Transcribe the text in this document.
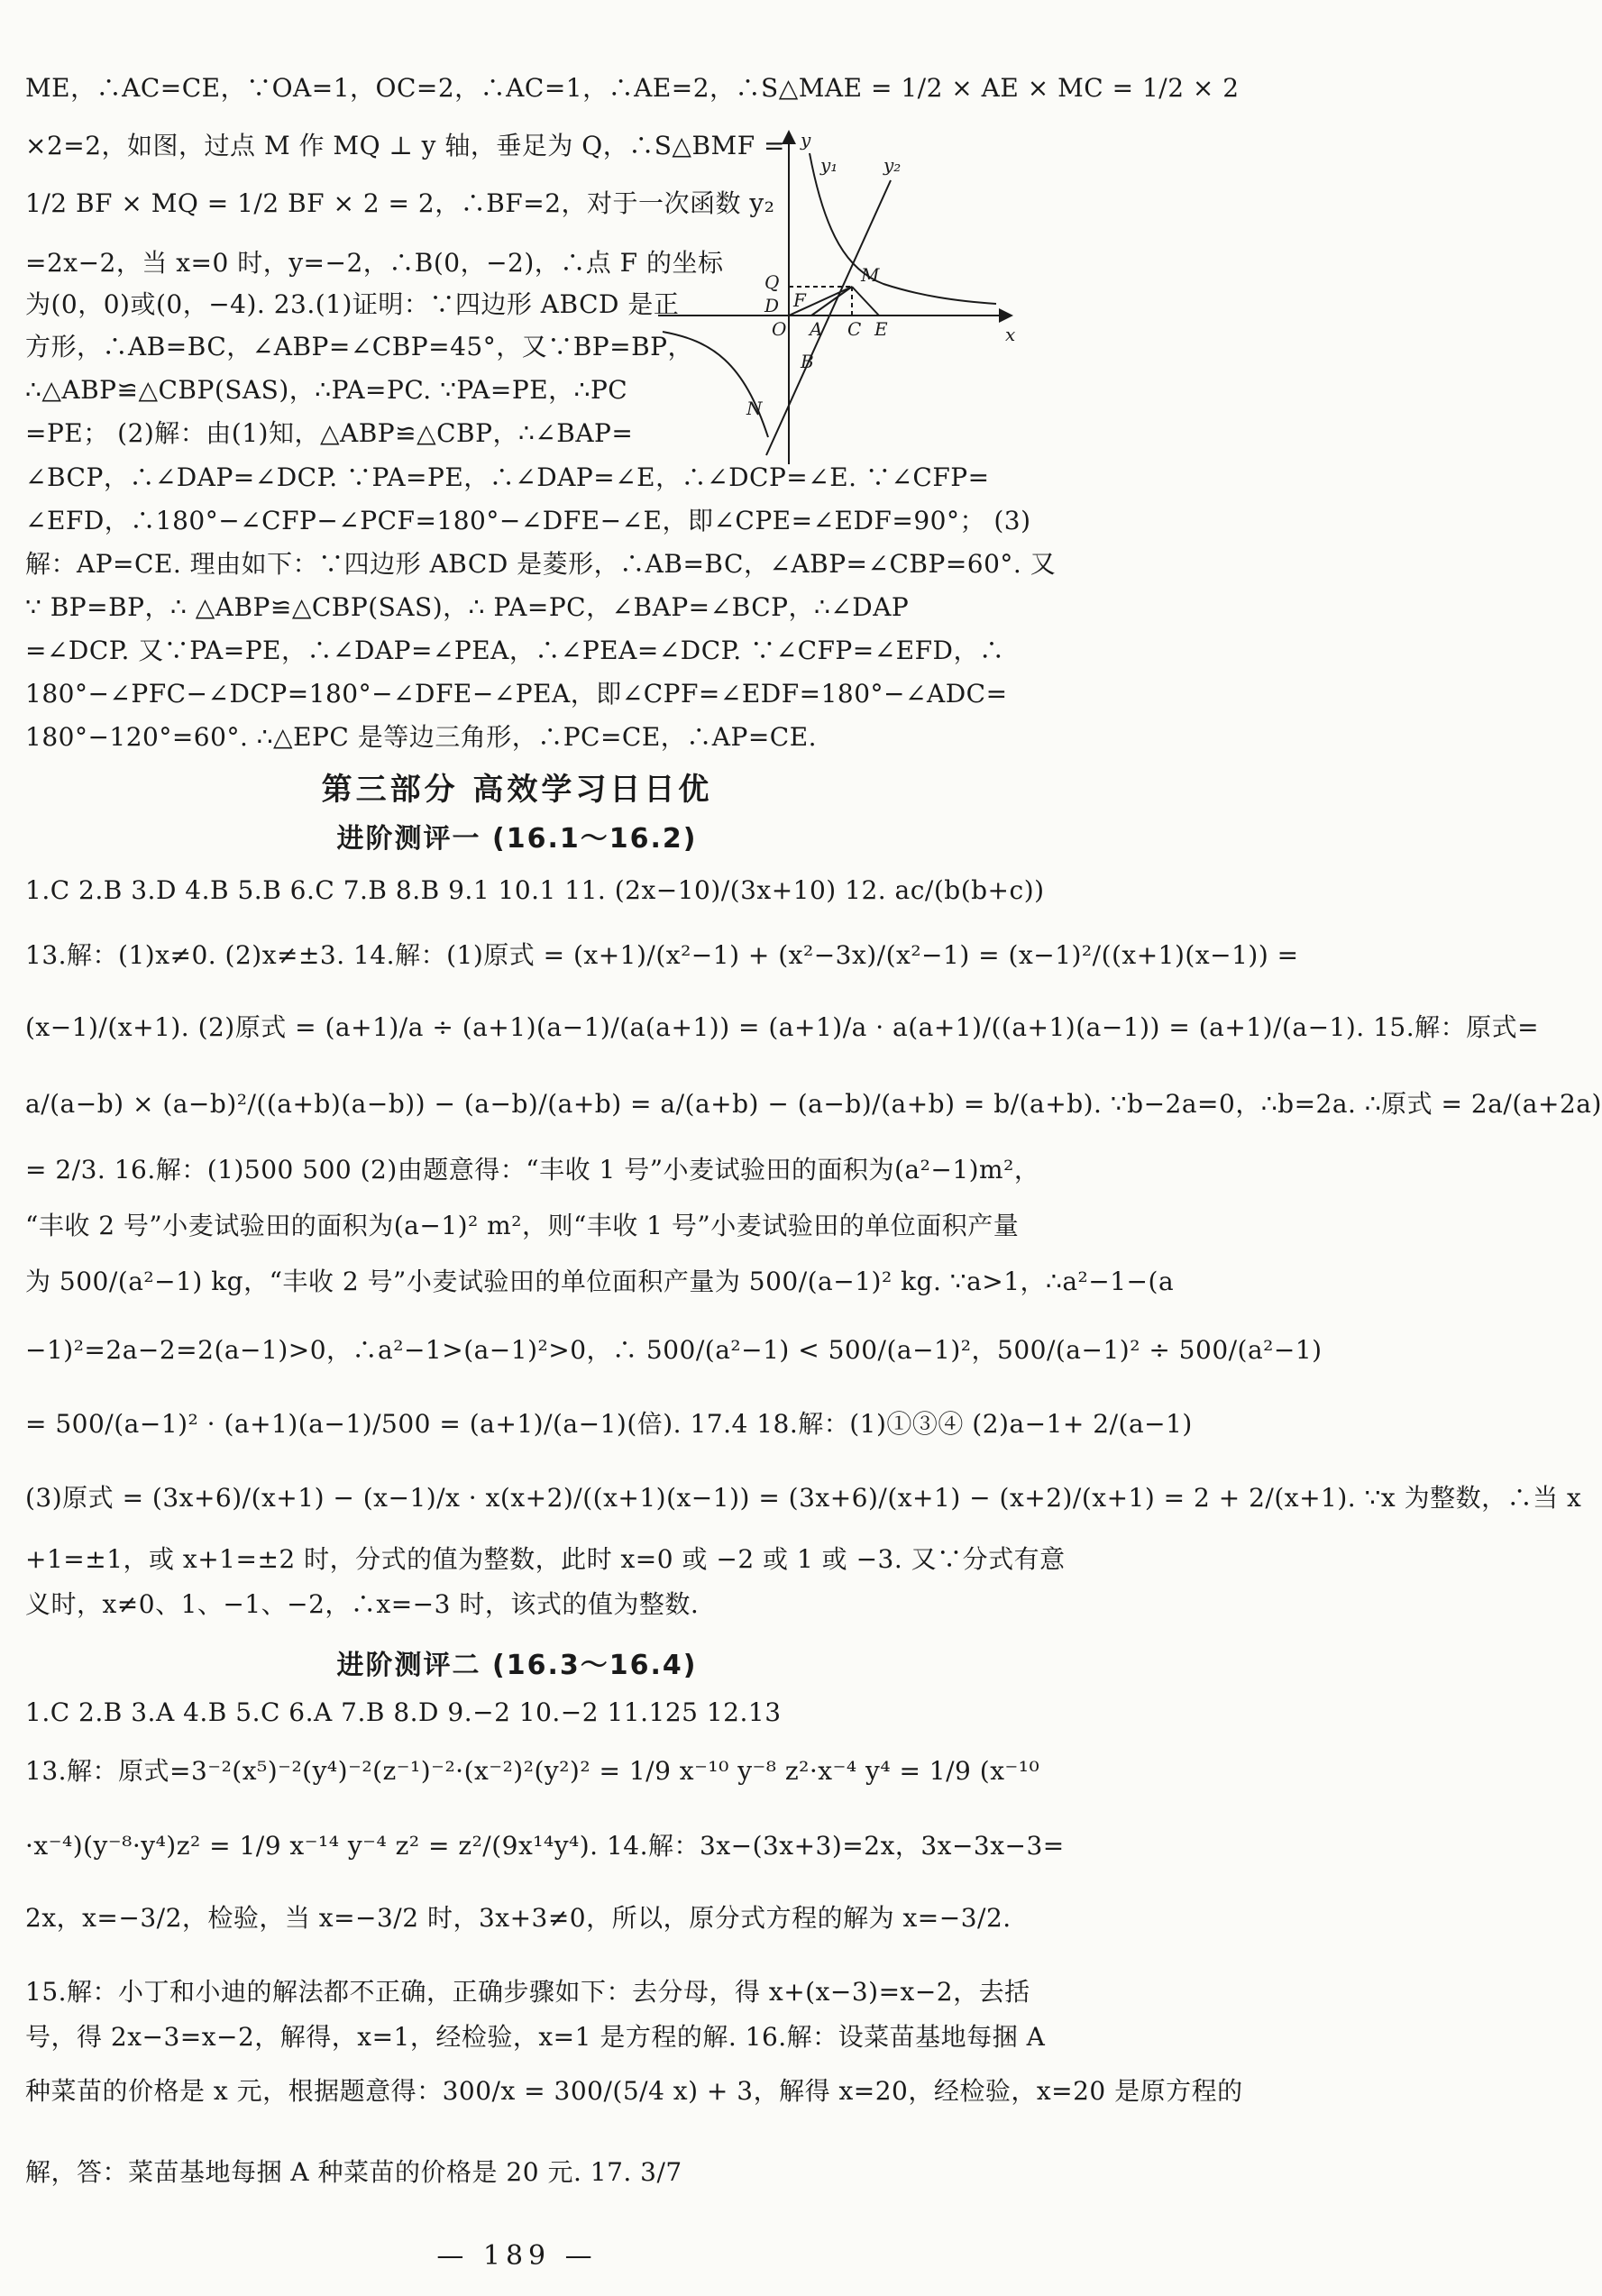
ME，∴AC=CE，∵OA=1，OC=2，∴AC=1，∴AE=2，∴S△MAE = 1/2 × AE × MC = 1/2 × 2
×2=2，如图，过点 M 作 MQ ⊥ y 轴，垂足为 Q，∴S△BMF =
1/2 BF × MQ = 1/2 BF × 2 = 2，∴BF=2，对于一次函数 y₂
=2x−2，当 x=0 时，y=−2，∴B(0，−2)，∴点 F 的坐标
为(0，0)或(0，−4). 23.(1)证明：∵四边形 ABCD 是正
方形，∴AB=BC，∠ABP=∠CBP=45°，又∵BP=BP，
∴△ABP≌△CBP(SAS)，∴PA=PC. ∵PA=PE，∴PC
=PE； (2)解：由(1)知，△ABP≌△CBP，∴∠BAP=
∠BCP，∴∠DAP=∠DCP. ∵PA=PE，∴∠DAP=∠E，∴∠DCP=∠E. ∵∠CFP=
∠EFD，∴180°−∠CFP−∠PCF=180°−∠DFE−∠E，即∠CPE=∠EDF=90°； (3)
解：AP=CE. 理由如下：∵四边形 ABCD 是菱形，∴AB=BC，∠ABP=∠CBP=60°. 又
∵ BP=BP，∴ △ABP≌△CBP(SAS)，∴ PA=PC，∠BAP=∠BCP，∴∠DAP
=∠DCP. 又∵PA=PE，∴∠DAP=∠PEA，∴∠PEA=∠DCP. ∵∠CFP=∠EFD，∴
180°−∠PFC−∠DCP=180°−∠DFE−∠PEA，即∠CPF=∠EDF=180°−∠ADC=
180°−120°=60°. ∴△EPC 是等边三角形，∴PC=CE，∴AP=CE.
y
x
y₁	y₂
Q	M
F
D
O A C E
B
N
第三部分 高效学习日日优
进阶测评一 (16.1～16.2)
1.C 2.B 3.D 4.B 5.B 6.C 7.B 8.B 9.1 10.1 11. (2x−10)/(3x+10) 12. ac/(b(b+c))
13.解：(1)x≠0. (2)x≠±3. 14.解：(1)原式 = (x+1)/(x²−1) + (x²−3x)/(x²−1) = (x−1)²/((x+1)(x−1)) =
(x−1)/(x+1). (2)原式 = (a+1)/a ÷ (a+1)(a−1)/(a(a+1)) = (a+1)/a · a(a+1)/((a+1)(a−1)) = (a+1)/(a−1). 15.解：原式=
a/(a−b) × (a−b)²/((a+b)(a−b)) − (a−b)/(a+b) = a/(a+b) − (a−b)/(a+b) = b/(a+b). ∵b−2a=0，∴b=2a. ∴原式 = 2a/(a+2a)
= 2/3. 16.解：(1)500 500 (2)由题意得：“丰收 1 号”小麦试验田的面积为(a²−1)m²，
“丰收 2 号”小麦试验田的面积为(a−1)² m²，则“丰收 1 号”小麦试验田的单位面积产量
为 500/(a²−1) kg，“丰收 2 号”小麦试验田的单位面积产量为 500/(a−1)² kg. ∵a>1，∴a²−1−(a
−1)²=2a−2=2(a−1)>0，∴a²−1>(a−1)²>0，∴ 500/(a²−1) < 500/(a−1)²，500/(a−1)² ÷ 500/(a²−1)
= 500/(a−1)² · (a+1)(a−1)/500 = (a+1)/(a−1)(倍). 17.4 18.解：(1)①③④ (2)a−1+ 2/(a−1)
(3)原式 = (3x+6)/(x+1) − (x−1)/x · x(x+2)/((x+1)(x−1)) = (3x+6)/(x+1) − (x+2)/(x+1) = 2 + 2/(x+1). ∵x 为整数，∴当 x
+1=±1，或 x+1=±2 时，分式的值为整数，此时 x=0 或 −2 或 1 或 −3. 又∵分式有意
义时，x≠0、1、−1、−2，∴x=−3 时，该式的值为整数.
进阶测评二 (16.3～16.4)
1.C 2.B 3.A 4.B 5.C 6.A 7.B 8.D 9.−2 10.−2 11.125 12.13
13.解：原式=3⁻²(x⁵)⁻²(y⁴)⁻²(z⁻¹)⁻²·(x⁻²)²(y²)² = 1/9 x⁻¹⁰ y⁻⁸ z²·x⁻⁴ y⁴ = 1/9 (x⁻¹⁰
·x⁻⁴)(y⁻⁸·y⁴)z² = 1/9 x⁻¹⁴ y⁻⁴ z² = z²/(9x¹⁴y⁴). 14.解：3x−(3x+3)=2x，3x−3x−3=
2x，x=−3/2，检验，当 x=−3/2 时，3x+3≠0，所以，原分式方程的解为 x=−3/2.
15.解：小丁和小迪的解法都不正确，正确步骤如下：去分母，得 x+(x−3)=x−2，去括
号，得 2x−3=x−2，解得，x=1，经检验，x=1 是方程的解. 16.解：设菜苗基地每捆 A
种菜苗的价格是 x 元，根据题意得：300/x = 300/(5/4 x) + 3，解得 x=20，经检验，x=20 是原方程的
解，答：菜苗基地每捆 A 种菜苗的价格是 20 元. 17. 3/7
— 189 —
